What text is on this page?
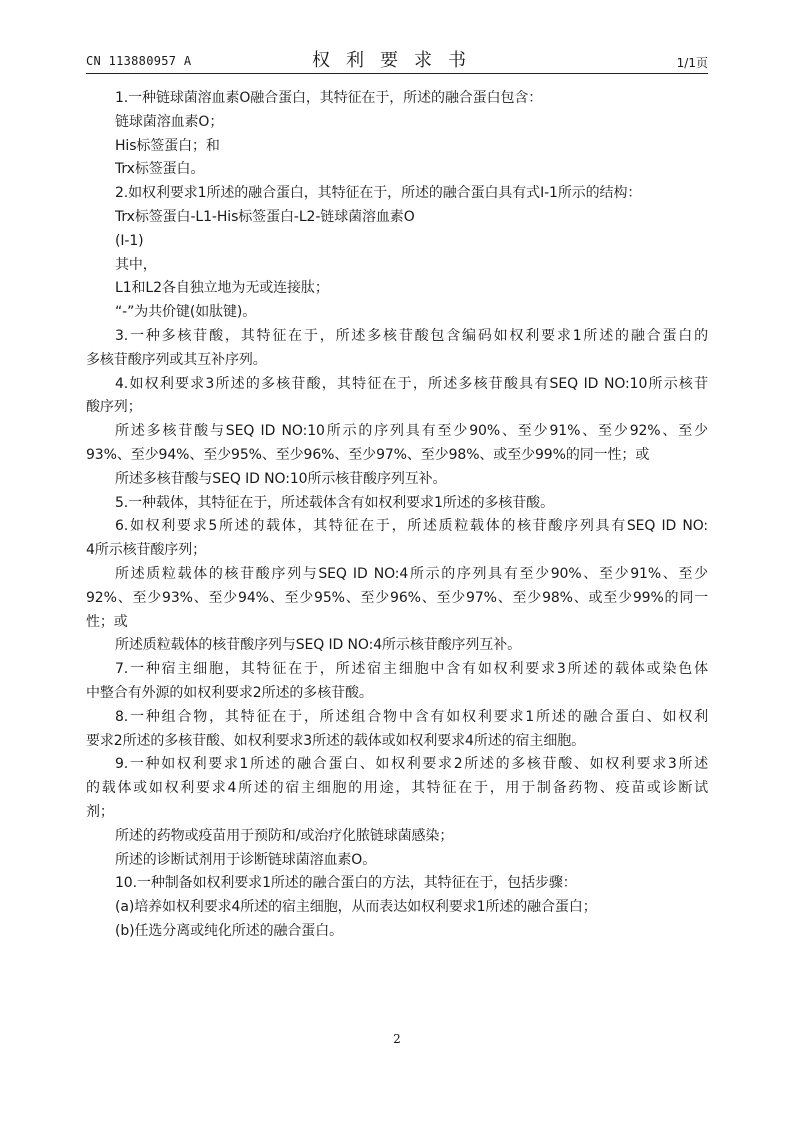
CN 113880957 A	权利要求书	1/1页
1.一种链球菌溶血素O融合蛋白，其特征在于，所述的融合蛋白包含：
链球菌溶血素O；
His标签蛋白；和
Trx标签蛋白。
2.如权利要求1所述的融合蛋白，其特征在于，所述的融合蛋白具有式I-1所示的结构：
Trx标签蛋白-L1-His标签蛋白-L2-链球菌溶血素O
(I-1)
其中，
L1和L2各自独立地为无或连接肽；
“-”为共价键(如肽键)。
3.一种多核苷酸，其特征在于，所述多核苷酸包含编码如权利要求1所述的融合蛋白的
多核苷酸序列或其互补序列。
4.如权利要求3所述的多核苷酸，其特征在于，所述多核苷酸具有SEQ ID NO:10所示核苷
酸序列；
所述多核苷酸与SEQ ID NO:10所示的序列具有至少90%、至少91%、至少92%、至少
93%、至少94%、至少95%、至少96%、至少97%、至少98%、或至少99%的同一性；或
所述多核苷酸与SEQ ID NO:10所示核苷酸序列互补。
5.一种载体，其特征在于，所述载体含有如权利要求1所述的多核苷酸。
6.如权利要求5所述的载体，其特征在于，所述质粒载体的核苷酸序列具有SEQ ID NO:
4所示核苷酸序列；
所述质粒载体的核苷酸序列与SEQ ID NO:4所示的序列具有至少90%、至少91%、至少
92%、至少93%、至少94%、至少95%、至少96%、至少97%、至少98%、或至少99%的同一
性；或
所述质粒载体的核苷酸序列与SEQ ID NO:4所示核苷酸序列互补。
7.一种宿主细胞，其特征在于，所述宿主细胞中含有如权利要求3所述的载体或染色体
中整合有外源的如权利要求2所述的多核苷酸。
8.一种组合物，其特征在于，所述组合物中含有如权利要求1所述的融合蛋白、如权利
要求2所述的多核苷酸、如权利要求3所述的载体或如权利要求4所述的宿主细胞。
9.一种如权利要求1所述的融合蛋白、如权利要求2所述的多核苷酸、如权利要求3所述
的载体或如权利要求4所述的宿主细胞的用途，其特征在于，用于制备药物、疫苗或诊断试
剂；
所述的药物或疫苗用于预防和/或治疗化脓链球菌感染；
所述的诊断试剂用于诊断链球菌溶血素O。
10.一种制备如权利要求1所述的融合蛋白的方法，其特征在于，包括步骤：
(a)培养如权利要求4所述的宿主细胞，从而表达如权利要求1所述的融合蛋白；
(b)任选分离或纯化所述的融合蛋白。
2
